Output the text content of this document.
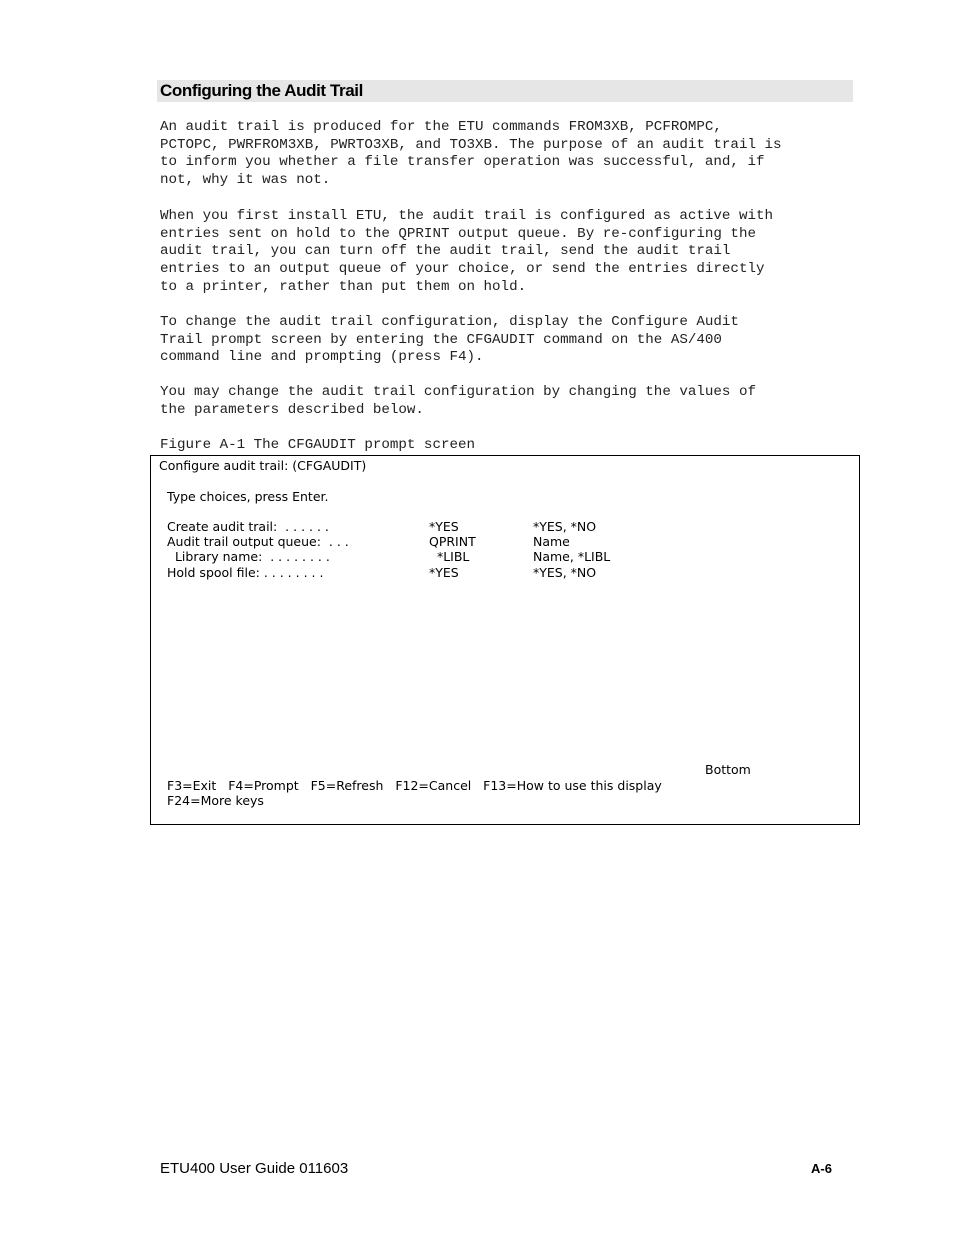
Configuring the Audit Trail
An audit trail is produced for the ETU commands FROM3XB, PCFROMPC,
PCTOPC, PWRFROM3XB, PWRTO3XB, and TO3XB. The purpose of an audit trail is
to inform you whether a file transfer operation was successful, and, if
not, why it was not.
When you first install ETU, the audit trail is configured as active with
entries sent on hold to the QPRINT output queue. By re-configuring the
audit trail, you can turn off the audit trail, send the audit trail
entries to an output queue of your choice, or send the entries directly
to a printer, rather than put them on hold.
To change the audit trail configuration, display the Configure Audit
Trail prompt screen by entering the CFGAUDIT command on the AS/400
command line and prompting (press F4).
You may change the audit trail configuration by changing the values of
the parameters described below.
Figure A-1 The CFGAUDIT prompt screen
Configure audit trail: (CFGAUDIT)
Type choices, press Enter.
Create audit trail:  . . . . . .	*YES	*YES, *NO
Audit trail output queue:  . . .	QPRINT	Name
Library name:  . . . . . . . .	*LIBL	Name, *LIBL
Hold spool file: . . . . . . . .	*YES	*YES, *NO
Bottom
F3=Exit   F4=Prompt   F5=Refresh   F12=Cancel   F13=How to use this display
F24=More keys
ETU400 User Guide 011603	A-6
